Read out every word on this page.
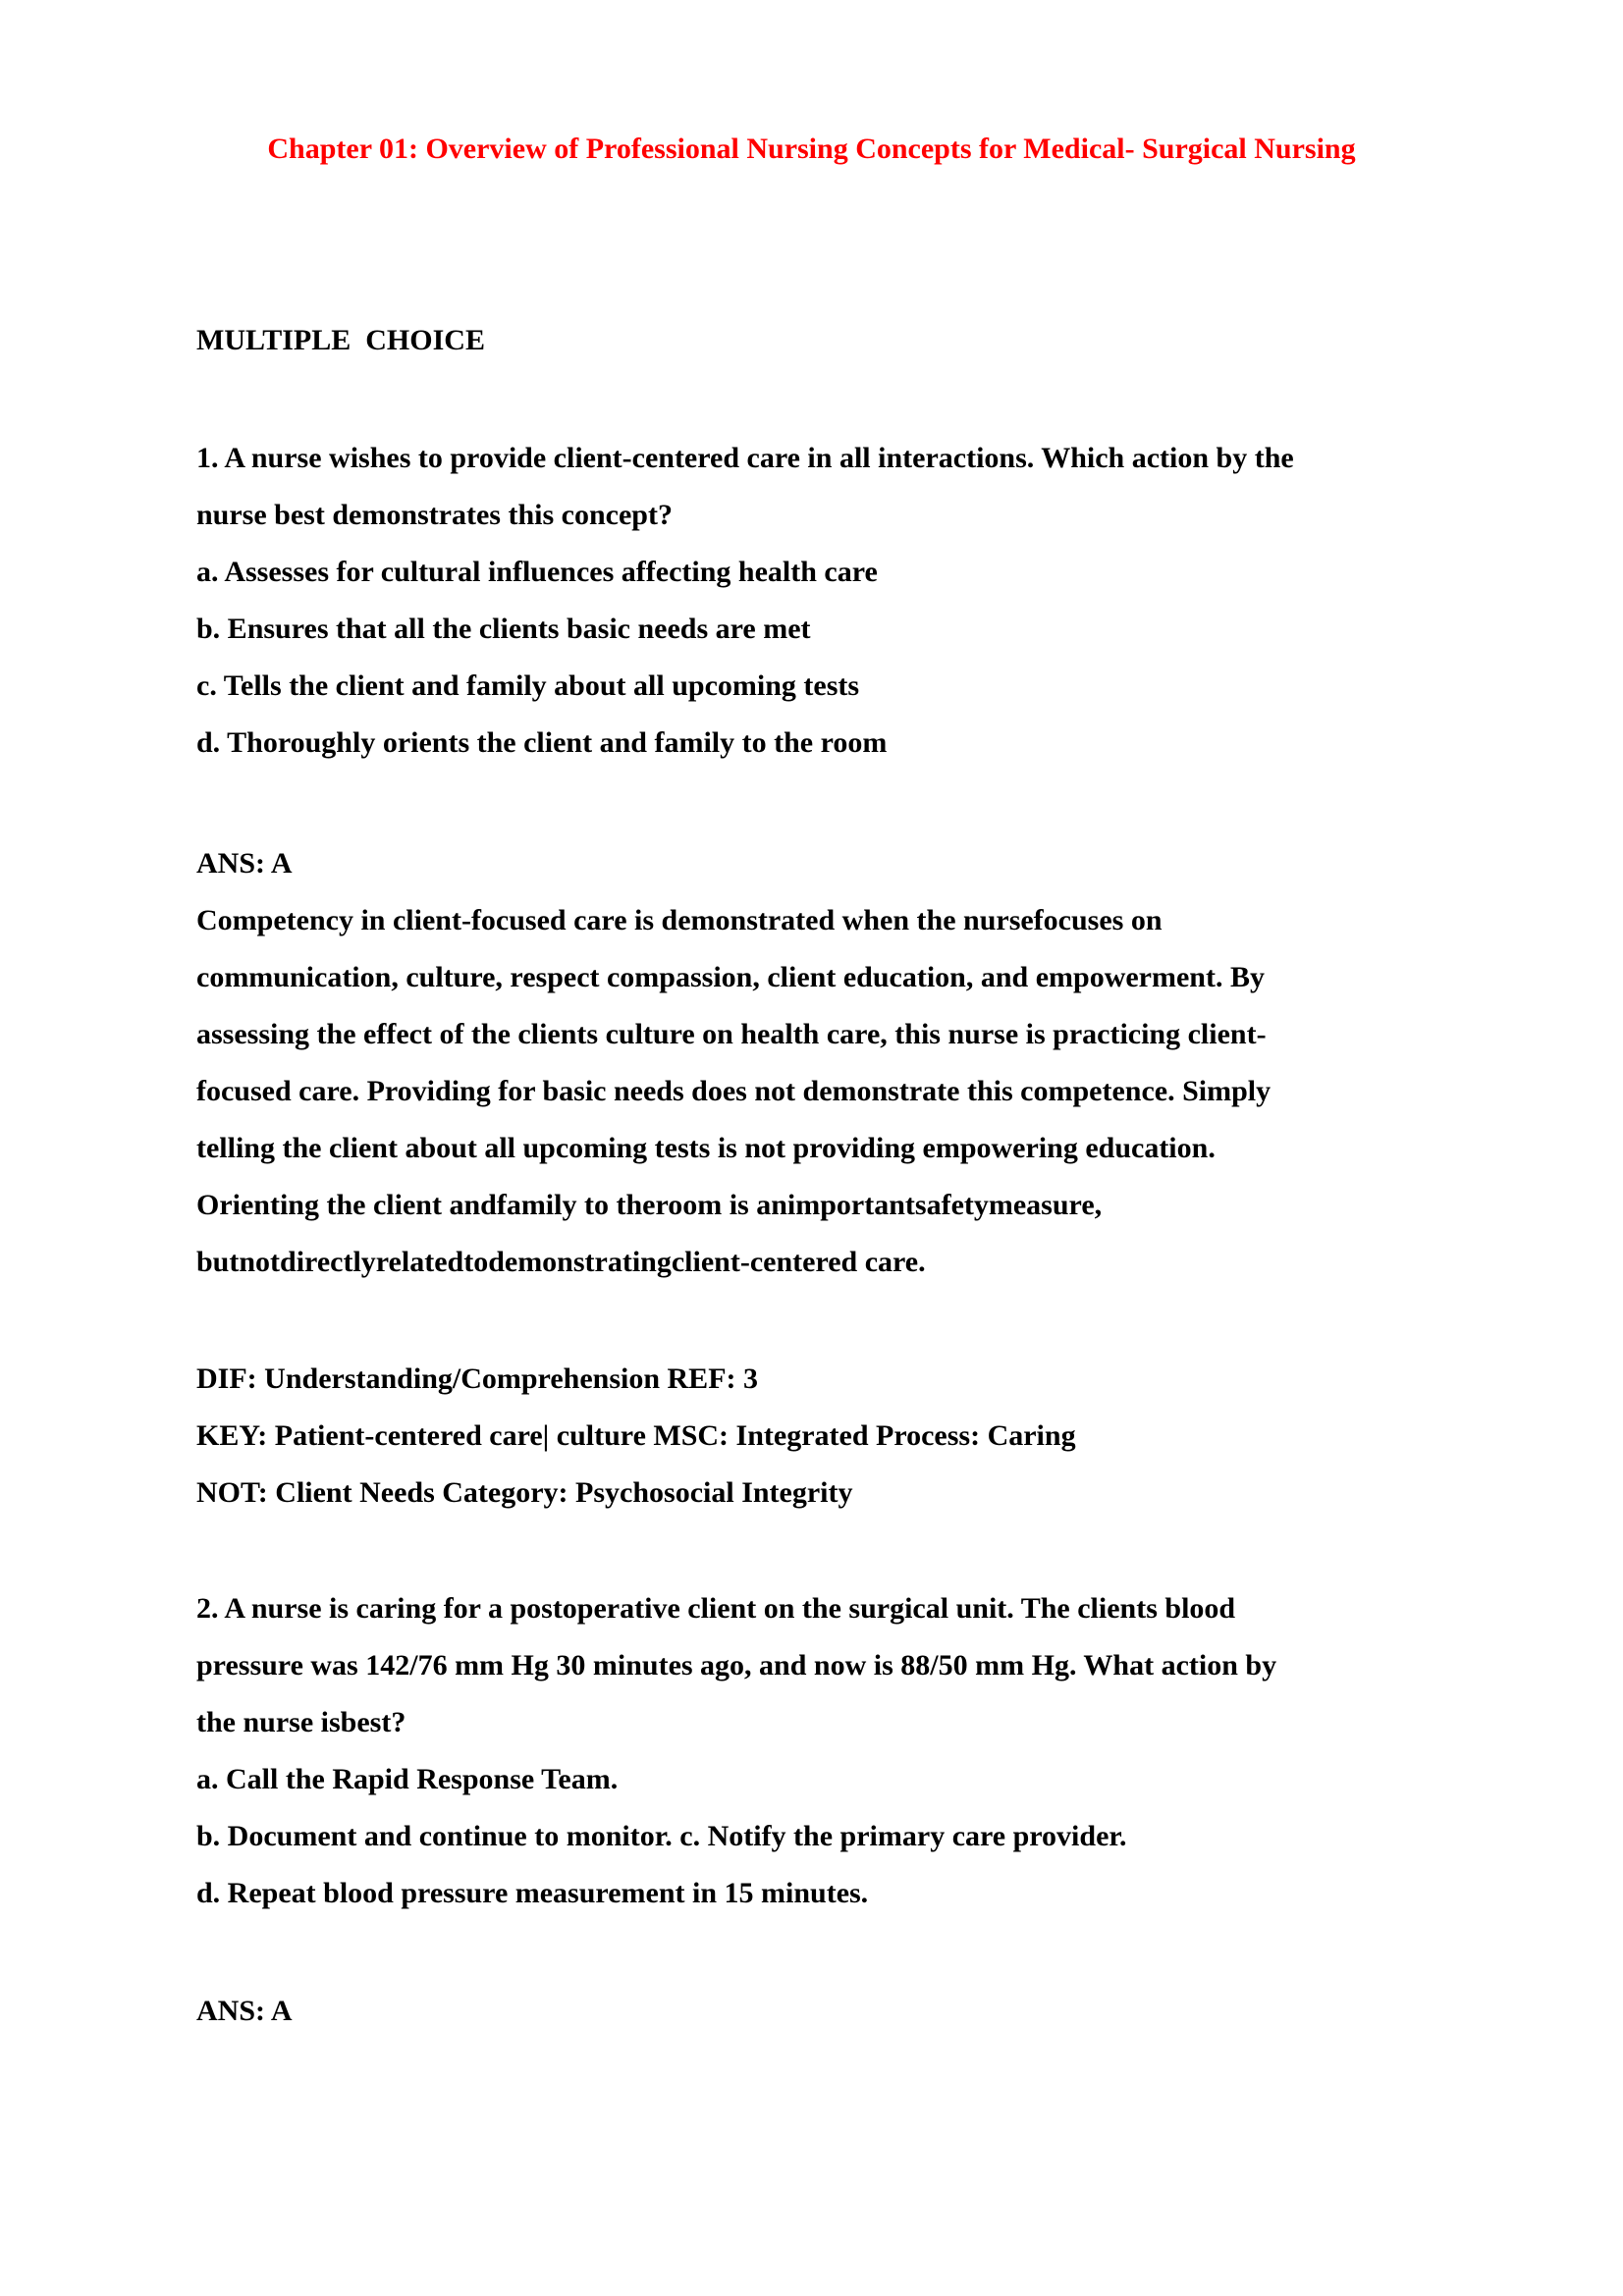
Chapter 01: Overview of Professional Nursing Concepts for Medical- Surgical Nursing
MULTIPLE  CHOICE
1. A nurse wishes to provide client-centered care in all interactions. Which action by the
nurse best demonstrates this concept?
a. Assesses for cultural influences affecting health care
b. Ensures that all the clients basic needs are met
c. Tells the client and family about all upcoming tests
d. Thoroughly orients the client and family to the room
ANS: A
Competency in client-focused care is demonstrated when the nursefocuses on
communication, culture, respect compassion, client education, and empowerment. By
assessing the effect of the clients culture on health care, this nurse is practicing client-
focused care. Providing for basic needs does not demonstrate this competence. Simply
telling the client about all upcoming tests is not providing empowering education.
Orienting the client andfamily to theroom is animportantsafetymeasure,
butnotdirectlyrelatedtodemonstratingclient-centered care.
DIF: Understanding/Comprehension REF: 3
KEY: Patient-centered care| culture MSC: Integrated Process: Caring
NOT: Client Needs Category: Psychosocial Integrity
2. A nurse is caring for a postoperative client on the surgical unit. The clients blood
pressure was 142/76 mm Hg 30 minutes ago, and now is 88/50 mm Hg. What action by
the nurse isbest?
a. Call the Rapid Response Team.
b. Document and continue to monitor. c. Notify the primary care provider.
d. Repeat blood pressure measurement in 15 minutes.
ANS: A
